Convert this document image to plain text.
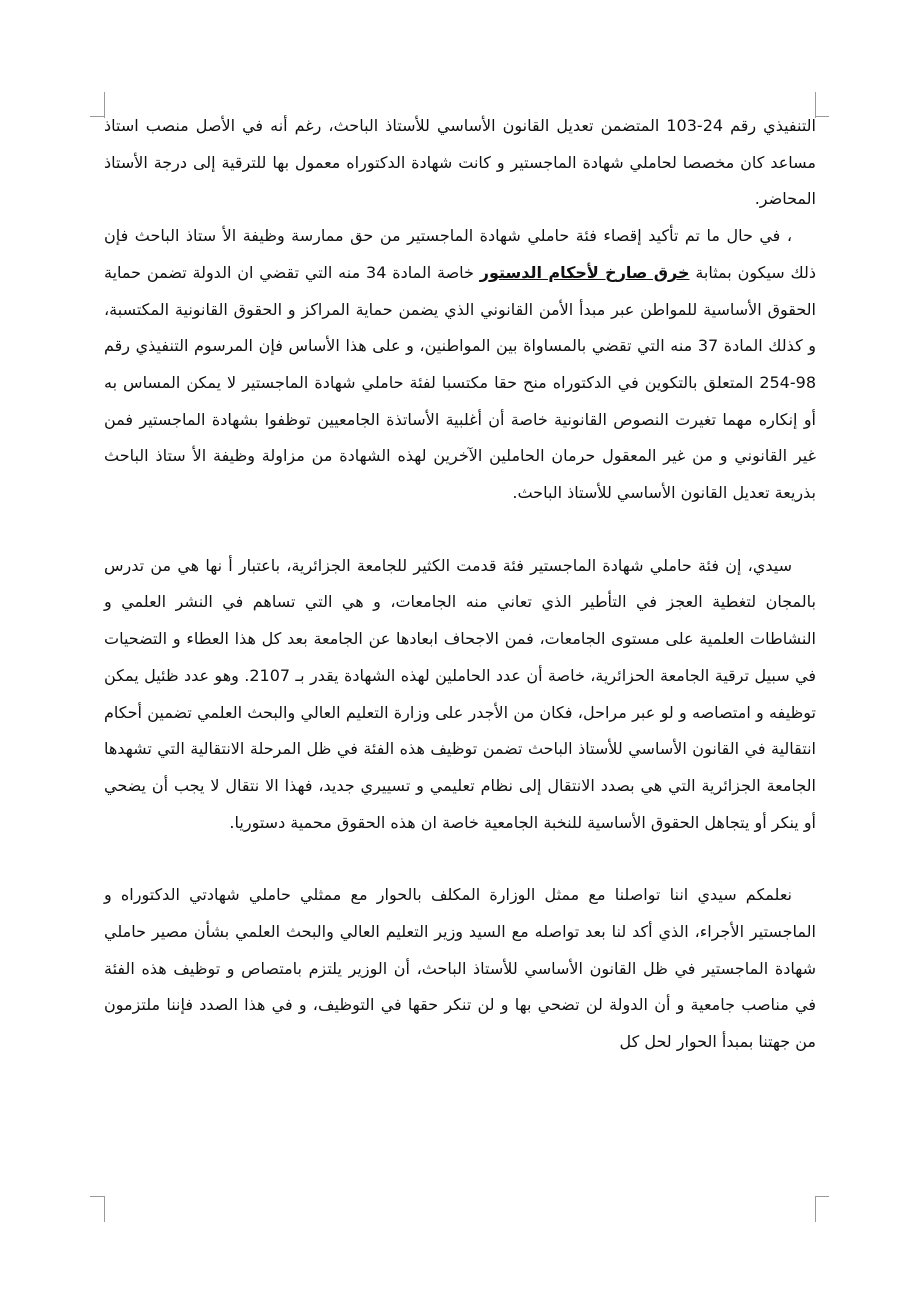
التنفيذي رقم 24-103 المتضمن تعديل القانون الأساسي للأستاذ الباحث، رغم أنه في الأصل منصب استاذ مساعد كان مخصصا لحاملي شهادة الماجستير و كانت شهادة الدكتوراه معمول بها للترقية إلى درجة الأستاذ المحاضر.

، في حال ما تم تأكيد إقصاء فئة حاملي شهادة الماجستير من حق ممارسة وظيفة الأ ستاذ الباحث فإن ذلك سيكون بمثابة خرق صارخ لأحكام الدستور خاصة المادة 34 منه التي تقضي ان الدولة تضمن حماية الحقوق الأساسية للمواطن عبر مبدأ الأمن القانوني الذي يضمن حماية المراكز و الحقوق القانونية المكتسبة، و كذلك المادة 37 منه التي تقضي بالمساواة بين المواطنين، و على هذا الأساس فإن المرسوم التنفيذي رقم 98-254 المتعلق بالتكوين في الدكتوراه منح حقا مكتسبا لفئة حاملي شهادة الماجستير لا يمكن المساس به أو إنكاره مهما تغيرت النصوص القانونية خاصة أن أغلبية الأساتذة الجامعيين توظفوا بشهادة الماجستير فمن غير القانوني و من غير المعقول حرمان الحاملين الآخرين لهذه الشهادة من مزاولة وظيفة الأ ستاذ الباحث بذريعة تعديل القانون الأساسي للأستاذ الباحث.

سيدي، إن فئة حاملي شهادة الماجستير فئة قدمت الكثير للجامعة الجزائرية، باعتبار أ نها هي من تدرس بالمجان لتغطية العجز في التأطير الذي تعاني منه الجامعات، و هي التي تساهم في النشر العلمي و النشاطات العلمية على مستوى الجامعات، فمن الاجحاف ابعادها عن الجامعة بعد كل هذا العطاء و التضحيات في سبيل ترقية الجامعة الحزائرية، خاصة أن عدد الحاملين لهذه الشهادة يقدر بـ 2107. وهو عدد ظئيل يمكن توظيفه و امتصاصه و لو عبر مراحل، فكان من الأجدر على وزارة التعليم العالي والبحث العلمي تضمين أحكام انتقالية في القانون الأساسي للأستاذ الباحث تضمن توظيف هذه الفئة في ظل المرحلة الانتقالية التي تشهدها الجامعة الجزائرية التي هي بصدد الانتقال إلى نظام تعليمي و تسييري جديد، فهذا الا نتقال لا يجب أن يضحي أو ينكر أو يتجاهل الحقوق الأساسية للنخبة الجامعية خاصة ان هذه الحقوق محمية دستوريا.

نعلمكم سيدي اننا تواصلنا مع ممثل الوزارة المكلف بالحوار مع ممثلي حاملي شهادتي الدكتوراه و الماجستير الأجراء، الذي أكد لنا بعد تواصله مع السيد وزير التعليم العالي والبحث العلمي بشأن مصير حاملي شهادة الماجستير في ظل القانون الأساسي للأستاذ الباحث، أن الوزير يلتزم بامتصاص و توظيف هذه الفئة في مناصب جامعية و أن الدولة لن تضحي بها و لن تنكر حقها في التوظيف، و في هذا الصدد فإننا ملتزمون من جهتنا بمبدأ الحوار لحل كل
